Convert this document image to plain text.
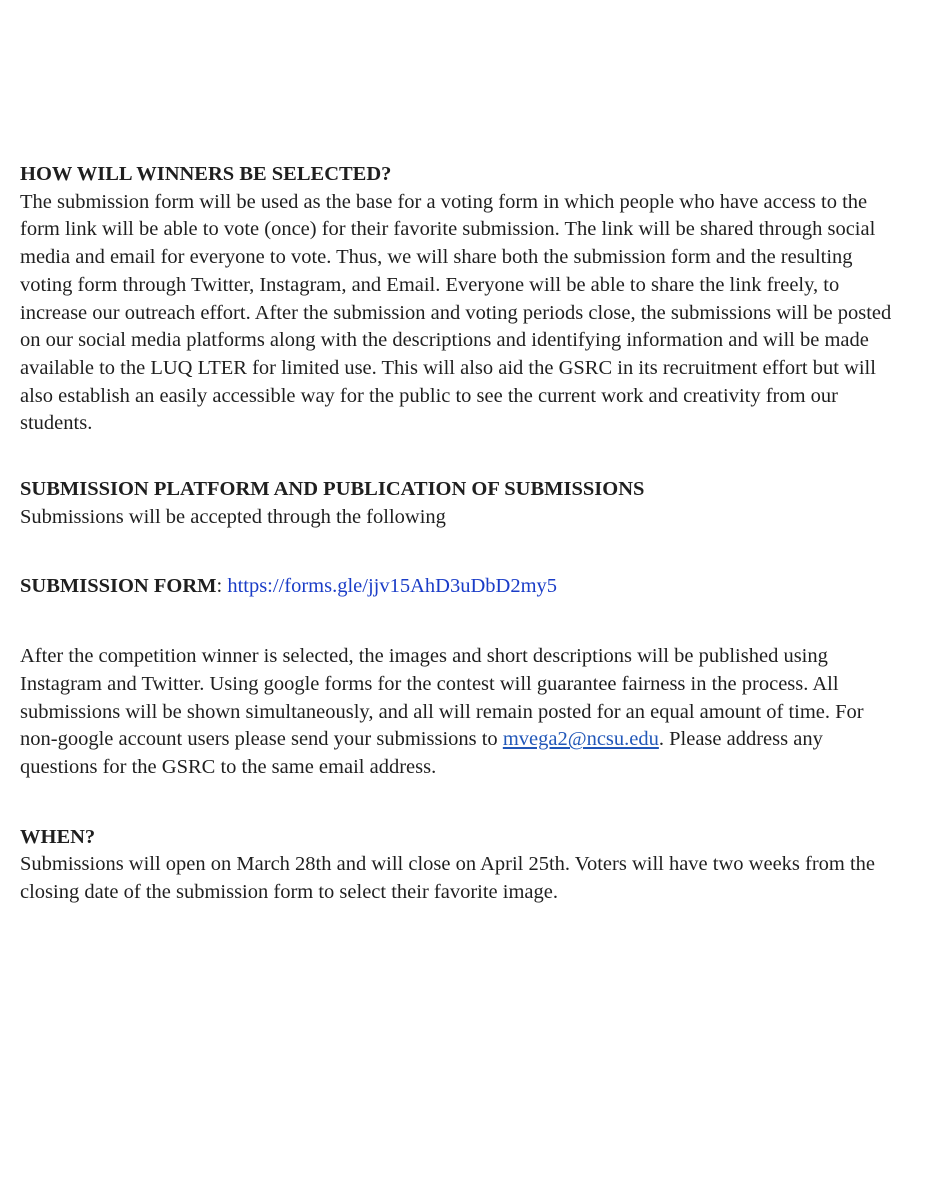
HOW WILL WINNERS BE SELECTED?

The submission form will be used as the base for a voting form in which people who have access to the form link will be able to vote (once) for their favorite submission. The link will be shared through social media and email for everyone to vote. Thus, we will share both the submission form and the resulting voting form through Twitter, Instagram, and Email. Everyone will be able to share the link freely, to increase our outreach effort. After the submission and voting periods close, the submissions will be posted on our social media platforms along with the descriptions and identifying information and will be made available to the LUQ LTER for limited use. This will also aid the GSRC in its recruitment effort but will also establish an easily accessible way for the public to see the current work and creativity from our students.

SUBMISSION PLATFORM AND PUBLICATION OF SUBMISSIONS

Submissions will be accepted through the following

SUBMISSION FORM: https://forms.gle/jjv15AhD3uDbD2my5

After the competition winner is selected, the images and short descriptions will be published using Instagram and Twitter. Using google forms for the contest will guarantee fairness in the process. All submissions will be shown simultaneously, and all will remain posted for an equal amount of time. For non-google account users please send your submissions to mvega2@ncsu.edu. Please address any questions for the GSRC to the same email address.

WHEN?

Submissions will open on March 28th and will close on April 25th. Voters will have two weeks from the closing date of the submission form to select their favorite image.
